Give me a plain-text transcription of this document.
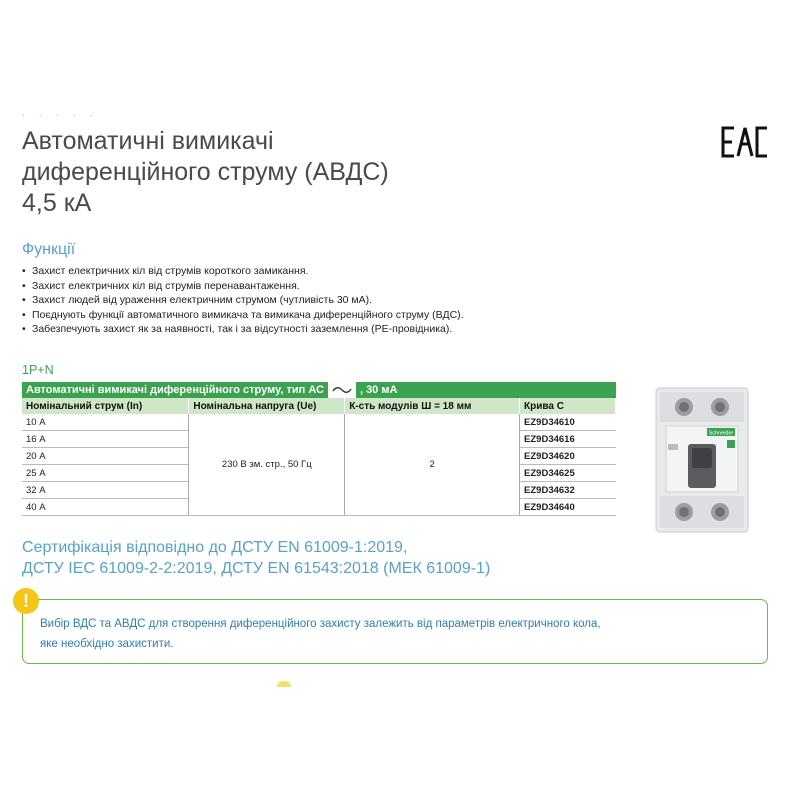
. . . . .
Автоматичні вимикачі
диференційного струму (АВДС)
4,5 кА
Функції
• Захист електричних кіл від струмів короткого замикання.
• Захист електричних кіл від струмів перенавантаження.
• Захист людей від ураження електричним струмом (чутливість 30 мА).
• Поєднують функції автоматичного вимикача та вимикача диференційного струму (ВДС).
• Забезпечують захист як за наявності, так і за відсутності заземлення (PE-провідника).
1P+N
Автоматичні вимикачі диференційного струму, тип АС , 30 мА			
Номінальний струм (In)	Номінальна напруга (Ue)	К-сть модулів Ш = 18 мм	Крива С
10 А	230 В зм. стр., 50 Гц	2	EZ9D34610
16 А			EZ9D34616
20 А			EZ9D34620
25 А			EZ9D34625
32 А			EZ9D34632
40 А			EZ9D34640
Schneider
Сертифікація відповідно до ДСТУ EN 61009-1:2019,
ДСТУ IEC 61009-2-2:2019, ДСТУ EN 61543:2018 (МЕК 61009-1)
!
Вибір ВДС та АВДС для створення диференційного захисту залежить від параметрів електричного кола,
яке необхідно захистити.
